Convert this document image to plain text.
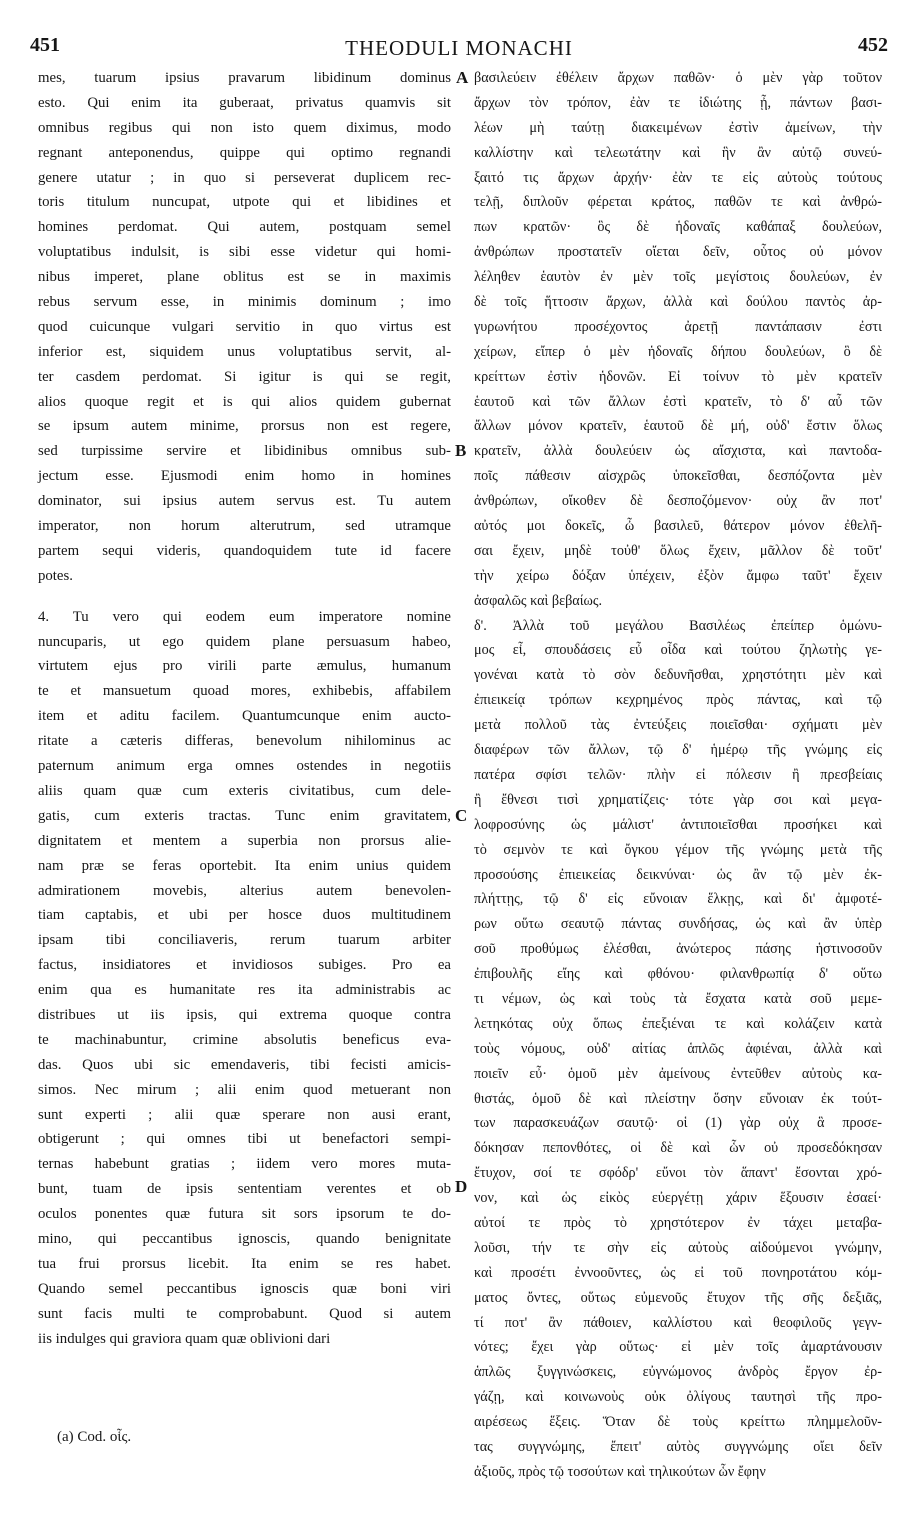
451	THEODULI MONACHI	452
mes, tuarum ipsius pravarum libidinum dominus
esto. Qui enim ita guberaat, privatus quamvis sit
omnibus regibus qui non isto quem diximus, modo
regnant anteponendus, quippe qui optimo regnandi
genere utatur ; in quo si perseverat duplicem rec-
toris titulum nuncupat, utpote qui et libidines et
homines perdomat. Qui autem, postquam semel
voluptatibus indulsit, is sibi esse videtur qui homi-
nibus imperet, plane oblitus est se in maximis
rebus servum esse, in minimis dominum ; imo
quod cuicunque vulgari servitio in quo virtus est
inferior est, siquidem unus voluptatibus servit, al-
ter casdem perdomat. Si igitur is qui se regit,
alios quoque regit et is qui alios quidem gubernat
se ipsum autem minime, prorsus non est regere,
sed turpissime servire et libidinibus omnibus sub-
jectum esse. Ejusmodi enim homo in homines
dominator, sui ipsius autem servus est. Tu autem
imperator, non horum alterutrum, sed utramque
partem sequi videris, quandoquidem tute id facere
potes.
4. Tu vero qui eodem eum imperatore nomine
nuncuparis, ut ego quidem plane persuasum habeo,
virtutem ejus pro virili parte æmulus, humanum
te et mansuetum quoad mores, exhibebis, affabilem
item et aditu facilem. Quantumcunque enim aucto-
ritate a cæteris differas, benevolum nihilominus ac
paternum animum erga omnes ostendes in negotiis
aliis quam quæ cum exteris civitatibus, cum dele-
gatis, cum exteris tractas. Tunc enim gravitatem,
dignitatem et mentem a superbia non prorsus alie-
nam præ se feras oportebit. Ita enim unius quidem
admirationem movebis, alterius autem benevolen-
tiam captabis, et ubi per hosce duos multitudinem
ipsam tibi conciliaveris, rerum tuarum arbiter
factus, insidiatores et invidiosos subiges. Pro ea
enim qua es humanitate res ita administrabis ac
distribues ut iis ipsis, qui extrema quoque contra
te machinabuntur, crimine absolutis beneficus eva-
das. Quos ubi sic emendaveris, tibi fecisti amicis-
simos. Nec mirum ; alii enim quod metuerant non
sunt experti ; alii quæ sperare non ausi erant,
obtigerunt ; qui omnes tibi ut benefactori sempi-
ternas habebunt gratias ; iidem vero mores muta-
bunt, tuam de ipsis sententiam verentes et ob
oculos ponentes quæ futura sit sors ipsorum te do-
mino, qui peccantibus ignoscis, quando benignitate
tua frui prorsus licebit. Ita enim se res habet.
Quando semel peccantibus ignoscis quæ boni viri
sunt facis multi te comprobabunt. Quod si autem
iis indulges qui graviora quam quæ oblivioni dari
βασιλεύειν ἐθέλειν ἄρχων παθῶν· ὁ μὲν γὰρ τοῦτον
ἄρχων τὸν τρόπον, ἐὰν τε ἰδιώτης ᾖ, πάντων βασι-
λέων μὴ ταύτῃ διακειμένων ἐστὶν ἀμείνων, τὴν
καλλίστην καὶ τελεωτάτην καὶ ἣν ἂν αὐτῷ συνεύ-
ξαιτό τις ἄρχων ἀρχήν· ἐὰν τε εἰς αὐτοὺς τούτους
τελῇ, διπλοῦν φέρεται κράτος, παθῶν τε καὶ ἀνθρώ-
πων κρατῶν· ὃς δὲ ἡδοναῖς καθάπαξ δουλεύων,
ἀνθρώπων προστατεῖν οἴεται δεῖν, οὗτος οὐ μόνον
λέληθεν ἑαυτὸν ἐν μὲν τοῖς μεγίστοις δουλεύων, ἐν
δὲ τοῖς ἥττοσιν ἄρχων, ἀλλὰ καὶ δούλου παντὸς ἀρ-
γυρωνήτου προσέχοντος ἀρετῇ παντάπασιν ἐστι
χείρων, εἴπερ ὁ μὲν ἡδοναῖς δήπου δουλεύων, ὃ δὲ
κρείττων ἐστὶν ἡδονῶν. Εἰ τοίνυν τὸ μὲν κρατεῖν
ἑαυτοῦ καὶ τῶν ἄλλων ἐστὶ κρατεῖν, τὸ δ' αὖ τῶν
ἄλλων μόνον κρατεῖν, ἑαυτοῦ δὲ μή, οὐδ' ἔστιν ὅλως
κρατεῖν, ἀλλὰ δουλεύειν ὡς αἴσχιστα, καὶ παντοδα-
ποῖς πάθεσιν αἰσχρῶς ὑποκεῖσθαι, δεσπόζοντα μὲν
ἀνθρώπων, οἴκοθεν δὲ δεσποζόμενον· οὐχ ἂν ποτ'
αὐτός μοι δοκεῖς, ὦ βασιλεῦ, θάτερον μόνον ἐθελῆ-
σαι ἔχειν, μηδὲ τοὐθ' ὅλως ἔχειν, μᾶλλον δὲ τοῦτ'
τὴν χείρω δόξαν ὑπέχειν, ἐξὸν ἄμφω ταῦτ' ἔχειν
ἀσφαλῶς καὶ βεβαίως.
δ'. Ἀλλὰ τοῦ μεγάλου Βασιλέως ἐπείπερ ὁμώνυ-
μος εἶ, σπουδάσεις εὖ οἶδα καὶ τούτου ζηλωτὴς γε-
γονέναι κατὰ τὸ σὸν δεδυνῆσθαι, χρηστότητι μὲν καὶ
ἐπιεικείᾳ τρόπων κεχρημένος πρὸς πάντας, καὶ τῷ
μετὰ πολλοῦ τὰς ἐντεύξεις ποιεῖσθαι· σχήματι μὲν
διαφέρων τῶν ἄλλων, τῷ δ' ἡμέρῳ τῆς γνώμης εἰς
πατέρα σφίσι τελῶν· πλὴν εἰ πόλεσιν ἢ πρεσβείαις
ἢ ἔθνεσι τισὶ χρηματίζεις· τότε γὰρ σοι καὶ μεγα-
λοφροσύνης ὡς μάλιστ' ἀντιποιεῖσθαι προσήκει καὶ
τὸ σεμνὸν τε καὶ ὄγκου γέμον τῆς γνώμης μετὰ τῆς
προσούσης ἐπιεικείας δεικνύναι· ὡς ἂν τῷ μὲν ἐκ-
πλήττῃς, τῷ δ' εἰς εὔνοιαν ἕλκῃς, καὶ δι' ἀμφοτέ-
ρων οὕτω σεαυτῷ πάντας συνδήσας, ὡς καὶ ἂν ὑπὲρ
σοῦ προθύμως ἐλέσθαι, ἀνώτερος πάσης ἡστινοσοῦν
ἐπιβουλῆς εἴης καὶ φθόνου· φιλανθρωπίᾳ δ' οὕτω
τι νέμων, ὡς καὶ τοὺς τὰ ἔσχατα κατὰ σοῦ μεμε-
λετηκότας οὐχ ὅπως ἐπεξιέναι τε καὶ κολάζειν κατὰ
τοὺς νόμους, οὐδ' αἰτίας ἁπλῶς ἀφιέναι, ἀλλὰ καὶ
ποιεῖν εὖ· ὁμοῦ μὲν ἀμείνους ἐντεῦθεν αὐτοὺς κα-
θιστάς, ὁμοῦ δὲ καὶ πλείστην ὅσην εὔνοιαν ἐκ τούτ-
των παρασκευάζων σαυτῷ· οἱ (1) γὰρ οὐχ ἃ προσε-
δόκησαν πεπονθότες, οἱ δὲ καὶ ὧν οὐ προσεδόκησαν
ἔτυχον, σοί τε σφόδρ' εὔνοι τὸν ἅπαντ' ἔσονται χρό-
νον, καὶ ὡς εἰκὸς εὐεργέτῃ χάριν ἕξουσιν ἐσαεί·
αὐτοί τε πρὸς τὸ χρηστότερον ἐν τάχει μεταβα-
λοῦσι, τήν τε σὴν εἰς αὐτοὺς αἰδούμενοι γνώμην,
καὶ προσέτι ἐννοοῦντες, ὡς εἰ τοῦ πονηροτάτου κόμ-
ματος ὄντες, οὕτως εὐμενοῦς ἔτυχον τῆς σῆς δεξιᾶς,
τί ποτ' ἂν πάθοιεν, καλλίστου καὶ θεοφιλοῦς γεγν-
νότες; ἔχει γὰρ οὕτως· εἰ μὲν τοῖς ἁμαρτάνουσιν
ἁπλῶς ξυγγινώσκεις, εὐγνώμονος ἀνδρὸς ἔργον ἐρ-
γάζῃ, καὶ κοινωνοὺς οὐκ ὀλίγους ταυτησὶ τῆς προ-
αιρέσεως ἕξεις. Ὅταν δὲ τοὺς κρείττω πλημμελοῦν-
τας συγγνώμης, ἔπειτ' αὐτὸς συγγνώμης οἴει δεῖν
ἀξιοῦς, πρὸς τῷ τοσούτων καὶ τηλικούτων ὧν ἔφην
A
B
C
D
(a) Cod. οἷς.
